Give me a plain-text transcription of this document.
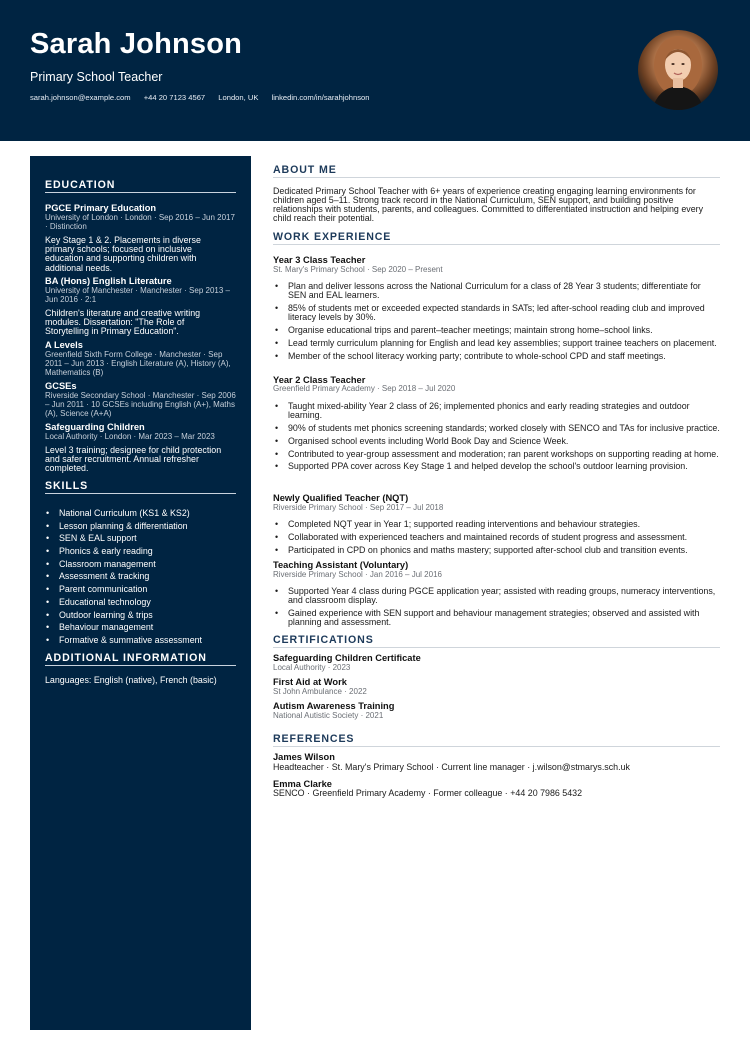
Sarah Johnson
Primary School Teacher
sarah.johnson@example.com +44 20 7123 4567 London, UK linkedin.com/in/sarahjohnson
EDUCATION
PGCE Primary Education
University of London · London · Sep 2016 – Jun 2017 · Distinction
Key Stage 1 & 2. Placements in diverse primary schools; focused on inclusive education and supporting children with additional needs.
BA (Hons) English Literature
University of Manchester · Manchester · Sep 2013 – Jun 2016 · 2:1
Children's literature and creative writing modules. Dissertation: "The Role of Storytelling in Primary Education".
A Levels
Greenfield Sixth Form College · Manchester · Sep 2011 – Jun 2013 · English Literature (A), History (A), Mathematics (B)
GCSEs
Riverside Secondary School · Manchester · Sep 2006 – Jun 2011 · 10 GCSEs including English (A+), Maths (A), Science (A+A)
Safeguarding Children
Local Authority · London · Mar 2023 – Mar 2023
Level 3 training; designee for child protection and safer recruitment. Annual refresher completed.
SKILLS
• National Curriculum (KS1 & KS2)
• Lesson planning & differentiation
• SEN & EAL support
• Phonics & early reading
• Classroom management
• Assessment & tracking
• Parent communication
• Educational technology
• Outdoor learning & trips
• Behaviour management
• Formative & summative assessment
ADDITIONAL INFORMATION
Languages: English (native), French (basic)
ABOUT ME
Dedicated Primary School Teacher with 6+ years of experience creating engaging learning environments for children aged 5–11. Strong track record in the National Curriculum, SEN support, and building positive relationships with students, parents, and colleagues. Committed to differentiated instruction and helping every child reach their potential.
WORK EXPERIENCE
Year 3 Class Teacher
St. Mary's Primary School · Sep 2020 – Present
• Plan and deliver lessons across the National Curriculum for a class of 28 Year 3 students; differentiate for SEN and EAL learners.
• 85% of students met or exceeded expected standards in SATs; led after-school reading club and improved literacy levels by 30%.
• Organise educational trips and parent–teacher meetings; maintain strong home–school links.
• Lead termly curriculum planning for English and lead key assemblies; support trainee teachers on placement.
• Member of the school literacy working party; contribute to whole-school CPD and staff meetings.
Year 2 Class Teacher
Greenfield Primary Academy · Sep 2018 – Jul 2020
• Taught mixed-ability Year 2 class of 26; implemented phonics and early reading strategies and outdoor learning.
• 90% of students met phonics screening standards; worked closely with SENCO and TAs for inclusive practice.
• Organised school events including World Book Day and Science Week.
• Contributed to year-group assessment and moderation; ran parent workshops on supporting reading at home.
• Supported PPA cover across Key Stage 1 and helped develop the school's outdoor learning provision.
Newly Qualified Teacher (NQT)
Riverside Primary School · Sep 2017 – Jul 2018
• Completed NQT year in Year 1; supported reading interventions and behaviour strategies.
• Collaborated with experienced teachers and maintained records of student progress and assessment.
• Participated in CPD on phonics and maths mastery; supported after-school club and transition events.
Teaching Assistant (Voluntary)
Riverside Primary School · Jan 2016 – Jul 2016
• Supported Year 4 class during PGCE application year; assisted with reading groups, numeracy interventions, and classroom display.
• Gained experience with SEN support and behaviour management strategies; observed and assisted with planning and assessment.
CERTIFICATIONS
Safeguarding Children Certificate
Local Authority · 2023
First Aid at Work
St John Ambulance · 2022
Autism Awareness Training
National Autistic Society · 2021
REFERENCES
James Wilson
Headteacher · St. Mary's Primary School · Current line manager · j.wilson@stmarys.sch.uk
Emma Clarke
SENCO · Greenfield Primary Academy · Former colleague · +44 20 7986 5432
